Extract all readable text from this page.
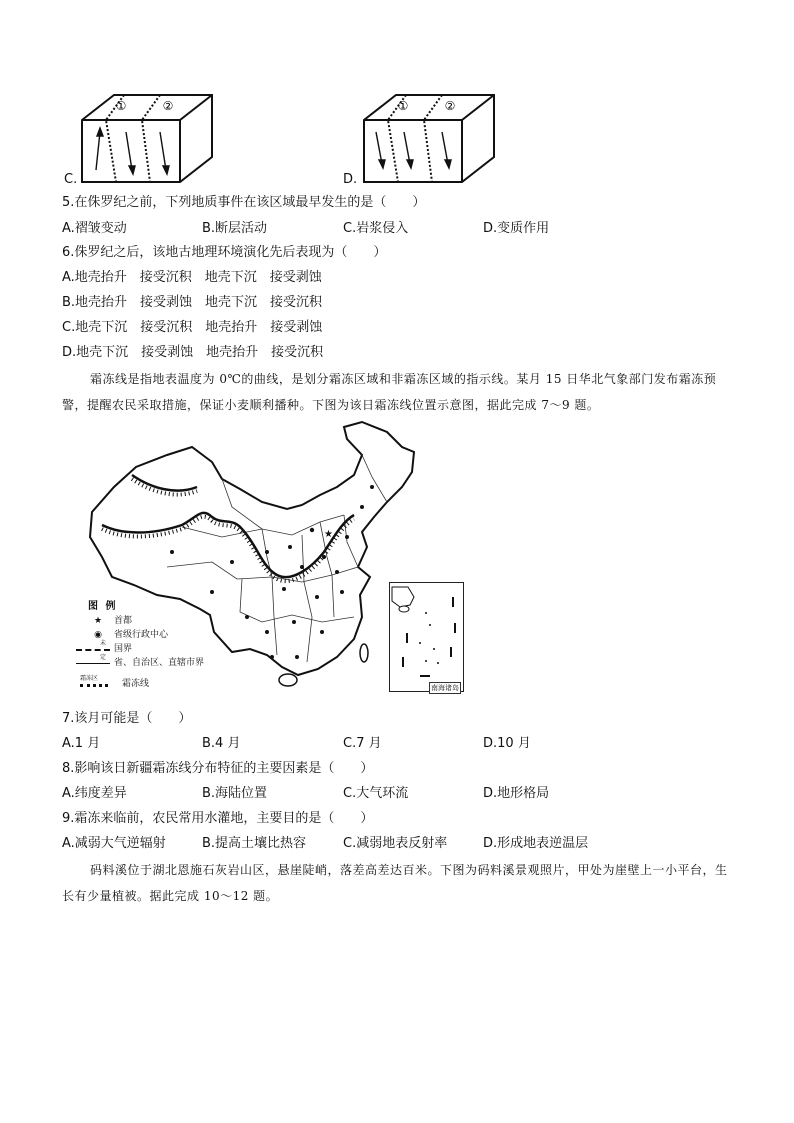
①	②
C.
①	②
D.
5.在侏罗纪之前，下列地质事件在该区域最早发生的是（　　）
A.褶皱变动	B.断层活动	C.岩浆侵入	D.变质作用
6.侏罗纪之后，该地古地理环境演化先后表现为（　　）
A.地壳抬升　接受沉积　地壳下沉　接受剥蚀
B.地壳抬升　接受剥蚀　地壳下沉　接受沉积
C.地壳下沉　接受沉积　地壳抬升　接受剥蚀
D.地壳下沉　接受剥蚀　地壳抬升　接受沉积
霜冻线是指地表温度为 0℃的曲线，是划分霜冻区域和非霜冻区域的指示线。某月 15 日华北气象部门发布霜冻预警，提醒农民采取措施，保证小麦顺利播种。下图为该日霜冻线位置示意图，据此完成 7～9 题。
★
南海诸岛
图 例
★	首都
◉	省级行政中心
未定
国界
省、自治区、直辖市界
霜冻区
霜冻线
7.该月可能是（　　）
A.1 月	B.4 月	C.7 月	D.10 月
8.影响该日新疆霜冻线分布特征的主要因素是（　　）
A.纬度差异	B.海陆位置	C.大气环流	D.地形格局
9.霜冻来临前，农民常用水灌地，主要目的是（　　）
A.减弱大气逆辐射	B.提高土壤比热容	C.减弱地表反射率	D.形成地表逆温层
码料溪位于湖北恩施石灰岩山区，悬崖陡峭，落差高差达百米。下图为码料溪景观照片，甲处为崖壁上一小平台，生长有少量植被。据此完成 10～12 题。
